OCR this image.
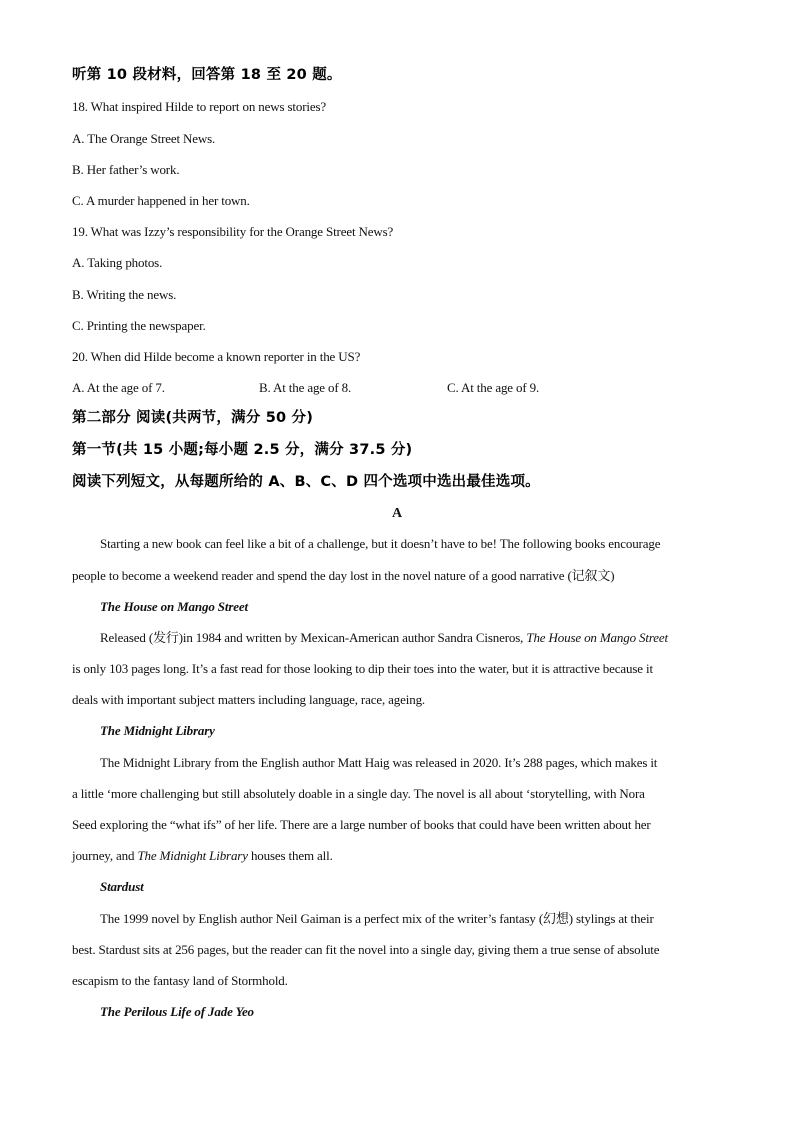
听第 10 段材料，回答第 18 至 20 题。
18. What inspired Hilde to report on news stories?
A. The Orange Street News.
B. Her father’s work.
C. A murder happened in her town.
19. What was Izzy’s responsibility for the Orange Street News?
A. Taking photos.
B. Writing the news.
C. Printing the newspaper.
20. When did Hilde become a known reporter in the US?
A. At the age of 7.	B. At the age of 8.	C. At the age of 9.
第二部分 阅读(共两节，满分 50 分)
第一节(共 15 小题;每小题 2.5 分，满分 37.5 分)
阅读下列短文，从每题所给的 A、B、C、D 四个选项中选出最佳选项。
A
Starting a new book can feel like a bit of a challenge, but it doesn’t have to be! The following books encourage
people to become a weekend reader and spend the day lost in the novel nature of a good narrative (记叙文)
The House on Mango Street
Released (发行)in 1984 and written by Mexican-American author Sandra Cisneros, The House on Mango Street
is only 103 pages long. It’s a fast read for those looking to dip their toes into the water, but it is attractive because it
deals with important subject matters including language, race, ageing.
The Midnight Library
The Midnight Library from the English author Matt Haig was released in 2020. It’s 288 pages, which makes it
a little ‘more challenging but still absolutely doable in a single day. The novel is all about ‘storytelling, with Nora
Seed exploring the “what ifs” of her life. There are a large number of books that could have been written about her
journey, and The Midnight Library houses them all.
Stardust
The 1999 novel by English author Neil Gaiman is a perfect mix of the writer’s fantasy (幻想) stylings at their
best. Stardust sits at 256 pages, but the reader can fit the novel into a single day, giving them a true sense of absolute
escapism to the fantasy land of Stormhold.
The Perilous Life of Jade Yeo
